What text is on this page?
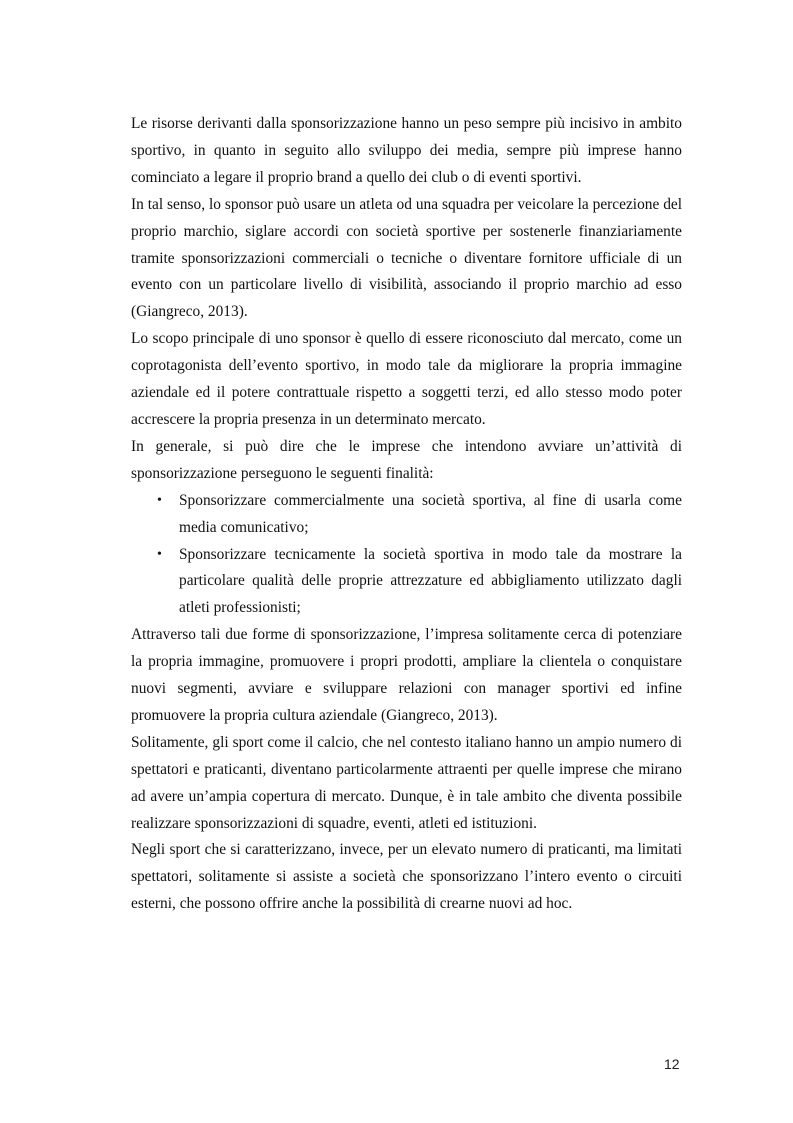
Le risorse derivanti dalla sponsorizzazione hanno un peso sempre più incisivo in ambito sportivo, in quanto in seguito allo sviluppo dei media, sempre più imprese hanno cominciato a legare il proprio brand a quello dei club o di eventi sportivi.

In tal senso, lo sponsor può usare un atleta od una squadra per veicolare la percezione del proprio marchio, siglare accordi con società sportive per sostenerle finanziariamente tramite sponsorizzazioni commerciali o tecniche o diventare fornitore ufficiale di un evento con un particolare livello di visibilità, associando il proprio marchio ad esso (Giangreco, 2013).

Lo scopo principale di uno sponsor è quello di essere riconosciuto dal mercato, come un coprotagonista dell’evento sportivo, in modo tale da migliorare la propria immagine aziendale ed il potere contrattuale rispetto a soggetti terzi, ed allo stesso modo poter accrescere la propria presenza in un determinato mercato.

In generale, si può dire che le imprese che intendono avviare un’attività di sponsorizzazione perseguono le seguenti finalità:

• Sponsorizzare commercialmente una società sportiva, al fine di usarla come media comunicativo;
• Sponsorizzare tecnicamente la società sportiva in modo tale da mostrare la particolare qualità delle proprie attrezzature ed abbigliamento utilizzato dagli atleti professionisti;

Attraverso tali due forme di sponsorizzazione, l’impresa solitamente cerca di potenziare la propria immagine, promuovere i propri prodotti, ampliare la clientela o conquistare nuovi segmenti, avviare e sviluppare relazioni con manager sportivi ed infine promuovere la propria cultura aziendale (Giangreco, 2013).

Solitamente, gli sport come il calcio, che nel contesto italiano hanno un ampio numero di spettatori e praticanti, diventano particolarmente attraenti per quelle imprese che mirano ad avere un’ampia copertura di mercato. Dunque, è in tale ambito che diventa possibile realizzare sponsorizzazioni di squadre, eventi, atleti ed istituzioni.

Negli sport che si caratterizzano, invece, per un elevato numero di praticanti, ma limitati spettatori, solitamente si assiste a società che sponsorizzano l’intero evento o circuiti esterni, che possono offrire anche la possibilità di crearne nuovi ad hoc.

12
